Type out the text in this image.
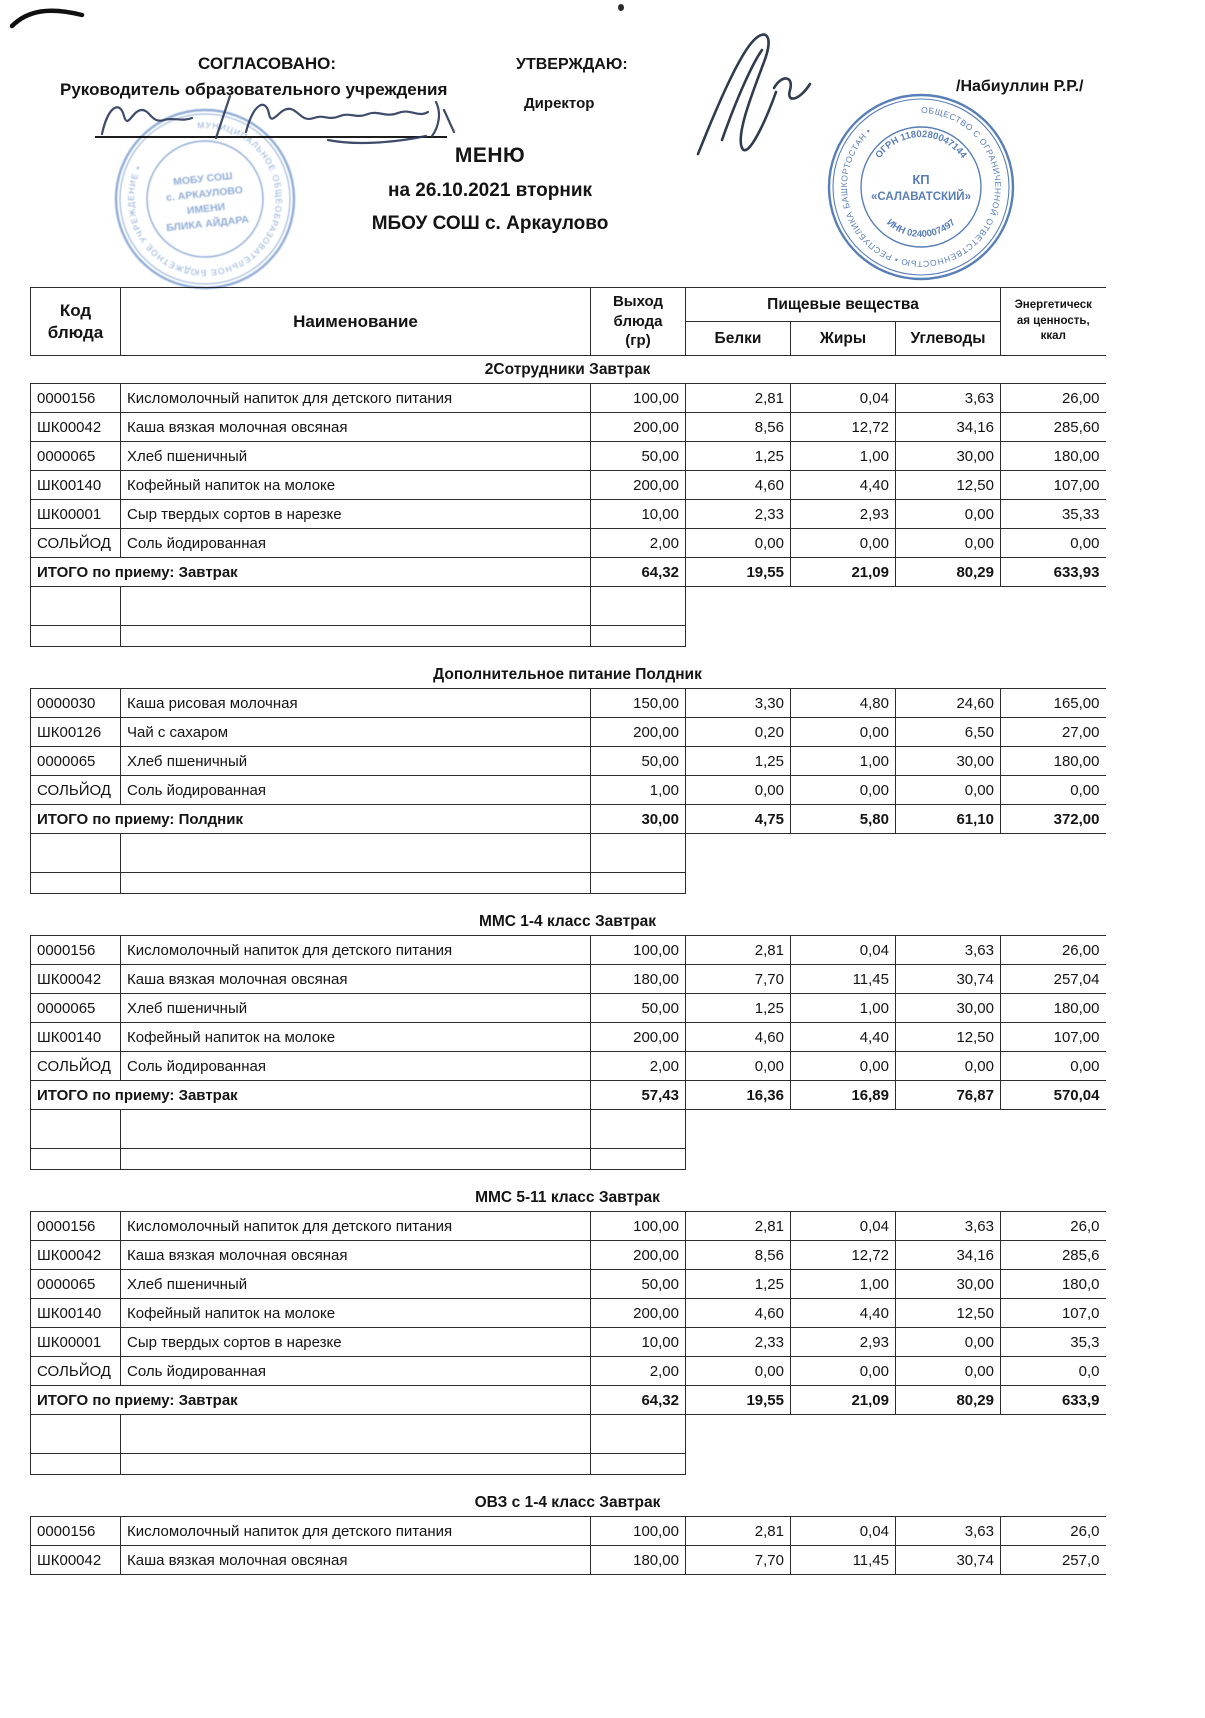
СОГЛАСОВАНО:
Руководитель образовательного учреждения
УТВЕРЖДАЮ:
Директор
/Набиуллин Р.Р./
МУНИЦИПАЛЬНОЕ ОБЩЕОБРАЗОВАТЕЛЬНОЕ БЮДЖЕТНОЕ УЧРЕЖДЕНИЕ •
МОБУ СОШ
с. АРКАУЛОВО
ИМЕНИ
БЛИКА АЙДАРА
ОБЩЕСТВО С ОГРАНИЧЕННОЙ ОТВЕТСТВЕННОСТЬЮ • РЕСПУБЛИКА БАШКОРТОСТАН •
ОГРН 1180280047144
КП
«САЛАВАТСКИЙ»
ИНН 0240007497
МЕНЮ
на 26.10.2021 вторник
МБОУ СОШ с. Аркаулово
Код
блюда	Наименование	Выход
блюда
(гр)	Пищевые вещества			Энергетическ
ая ценность,
ккал

			Белки	Жиры	Углеводы	
2Сотрудники Завтрак
0000156	Кисломолочный напиток для детского питания	100,00	2,81	0,04	3,63	26,00
ШК00042	Каша вязкая молочная овсяная	200,00	8,56	12,72	34,16	285,60
0000065	Хлеб пшеничный	50,00	1,25	1,00	30,00	180,00
ШК00140	Кофейный напиток на молоке	200,00	4,60	4,40	12,50	107,00
ШК00001	Сыр твердых сортов в нарезке	10,00	2,33	2,93	0,00	35,33
СОЛЬЙОД	Соль йодированная	2,00	0,00	0,00	0,00	0,00
ИТОГО по приему: Завтрак		64,32	19,55	21,09	80,29	633,93

Дополнительное питание Полдник
0000030	Каша рисовая молочная	150,00	3,30	4,80	24,60	165,00
ШК00126	Чай с сахаром	200,00	0,20	0,00	6,50	27,00
0000065	Хлеб пшеничный	50,00	1,25	1,00	30,00	180,00
СОЛЬЙОД	Соль йодированная	1,00	0,00	0,00	0,00	0,00
ИТОГО по приему: Полдник		30,00	4,75	5,80	61,10	372,00

ММС 1-4 класс Завтрак
0000156	Кисломолочный напиток для детского питания	100,00	2,81	0,04	3,63	26,00
ШК00042	Каша вязкая молочная овсяная	180,00	7,70	11,45	30,74	257,04
0000065	Хлеб пшеничный	50,00	1,25	1,00	30,00	180,00
ШК00140	Кофейный напиток на молоке	200,00	4,60	4,40	12,50	107,00
СОЛЬЙОД	Соль йодированная	2,00	0,00	0,00	0,00	0,00
ИТОГО по приему: Завтрак		57,43	16,36	16,89	76,87	570,04

ММС 5-11 класс Завтрак
0000156	Кисломолочный напиток для детского питания	100,00	2,81	0,04	3,63	26,0
ШК00042	Каша вязкая молочная овсяная	200,00	8,56	12,72	34,16	285,6
0000065	Хлеб пшеничный	50,00	1,25	1,00	30,00	180,0
ШК00140	Кофейный напиток на молоке	200,00	4,60	4,40	12,50	107,0
ШК00001	Сыр твердых сортов в нарезке	10,00	2,33	2,93	0,00	35,3
СОЛЬЙОД	Соль йодированная	2,00	0,00	0,00	0,00	0,0
ИТОГО по приему: Завтрак		64,32	19,55	21,09	80,29	633,9

ОВЗ с 1-4 класс Завтрак
0000156	Кисломолочный напиток для детского питания	100,00	2,81	0,04	3,63	26,0
ШК00042	Каша вязкая молочная овсяная	180,00	7,70	11,45	30,74	257,0
